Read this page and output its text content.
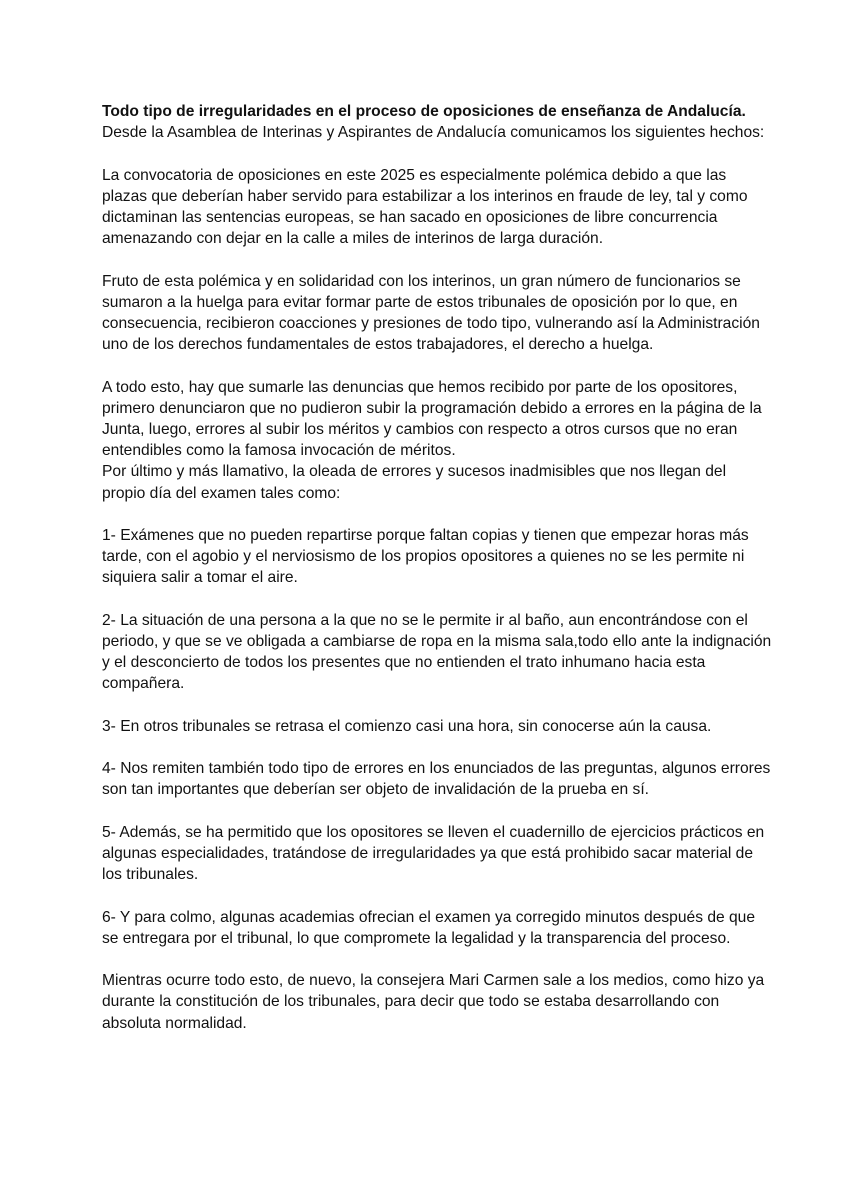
Todo tipo de irregularidades en el proceso de oposiciones de enseñanza de Andalucía.

Desde la Asamblea de Interinas y Aspirantes de Andalucía comunicamos los siguientes hechos:

La convocatoria de oposiciones en este 2025 es especialmente polémica debido a que las plazas que deberían haber servido para estabilizar a los interinos en fraude de ley, tal y como dictaminan las sentencias europeas, se han sacado en oposiciones de libre concurrencia amenazando con dejar en la calle a miles de interinos de larga duración.

Fruto de esta polémica y en solidaridad con los interinos, un gran número de funcionarios se sumaron a la huelga para evitar formar parte de estos tribunales de oposición por lo que, en consecuencia, recibieron coacciones y presiones de todo tipo, vulnerando así la Administración uno de los derechos fundamentales de estos trabajadores, el derecho a huelga.

A todo esto, hay que sumarle las denuncias que hemos recibido por parte de los opositores, primero denunciaron que no pudieron subir la programación debido a errores en la página de la Junta, luego, errores al subir los méritos y cambios con respecto a otros cursos que no eran entendibles como la famosa invocación de méritos.

Por último y más llamativo, la oleada de errores y sucesos inadmisibles que nos llegan del propio día del examen tales como:

1- Exámenes que no pueden repartirse porque faltan copias y tienen que empezar horas más tarde, con el agobio y el nerviosismo de los propios opositores a quienes no se les permite ni siquiera salir a tomar el aire.

2- La situación de una persona a la que no se le permite ir al baño, aun encontrándose con el periodo, y que se ve obligada a cambiarse de ropa en la misma sala,todo ello ante la indignación y el desconcierto de todos los presentes que no entienden el trato inhumano hacia esta compañera.

3- En otros tribunales se retrasa el comienzo casi una hora, sin conocerse aún la causa.

4- Nos remiten también todo tipo de errores en los enunciados de las preguntas, algunos errores son tan importantes que deberían ser objeto de invalidación de la prueba en sí.

5- Además, se ha permitido que los opositores se lleven el cuadernillo de ejercicios prácticos en algunas especialidades, tratándose de irregularidades ya que está prohibido sacar material de los tribunales.

6- Y para colmo, algunas academias ofrecian el examen ya corregido minutos después de que se entregara por el tribunal, lo que compromete la legalidad y la transparencia del proceso.

Mientras ocurre todo esto, de nuevo, la consejera Mari Carmen sale a los medios, como hizo ya durante la constitución de los tribunales, para decir que todo se estaba desarrollando con absoluta normalidad.
